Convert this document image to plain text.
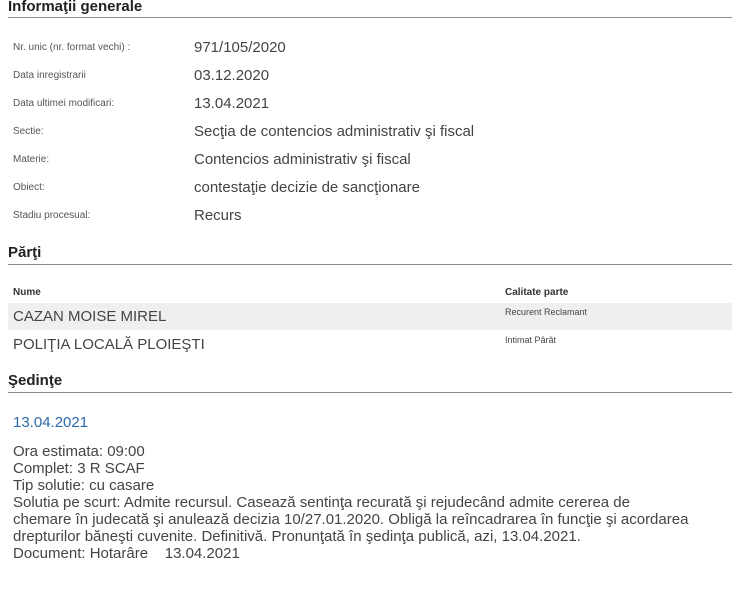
Informaţii generale
Nr. unic (nr. format vechi) :	971/105/2020
Data inregistrarii	03.12.2020
Data ultimei modificari:	13.04.2021
Sectie:	Secţia de contencios administrativ şi fiscal
Materie:	Contencios administrativ şi fiscal
Obiect:	contestaţie decizie de sancţionare
Stadiu procesual:	Recurs
Părţi
Nume	Calitate parte
CAZAN MOISE MIREL	Recurent Reclamant
POLIŢIA LOCALĂ PLOIEŞTI	Intimat Pârât
Şedinţe
13.04.2021
Ora estimata: 09:00
Complet: 3 R SCAF
Tip solutie: cu casare
Solutia pe scurt: Admite recursul. Casează sentinţa recurată şi rejudecând admite cererea de
chemare în judecată şi anulează decizia 10/27.01.2020. Obligă la reîncadrarea în funcţie şi acordarea
drepturilor băneşti cuvenite. Definitivă. Pronunţată în şedinţa publică, azi, 13.04.2021.
Document: Hotarâre    13.04.2021
